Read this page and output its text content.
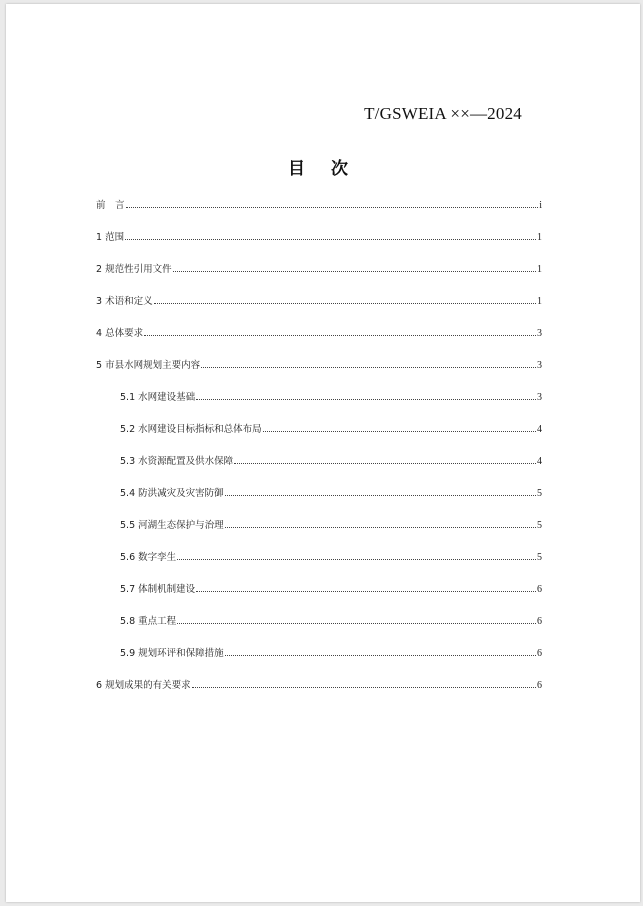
T/GSWEIA ××—2024
目 次
前　言	i
1 范围	1
2 规范性引用文件	1
3 术语和定义	1
4 总体要求	3
5 市县水网规划主要内容	3
5.1 水网建设基础	3
5.2 水网建设目标指标和总体布局	4
5.3 水资源配置及供水保障	4
5.4 防洪减灾及灾害防御	5
5.5 河湖生态保护与治理	5
5.6 数字孪生	5
5.7 体制机制建设	6
5.8 重点工程	6
5.9 规划环评和保障措施	6
6 规划成果的有关要求	6
